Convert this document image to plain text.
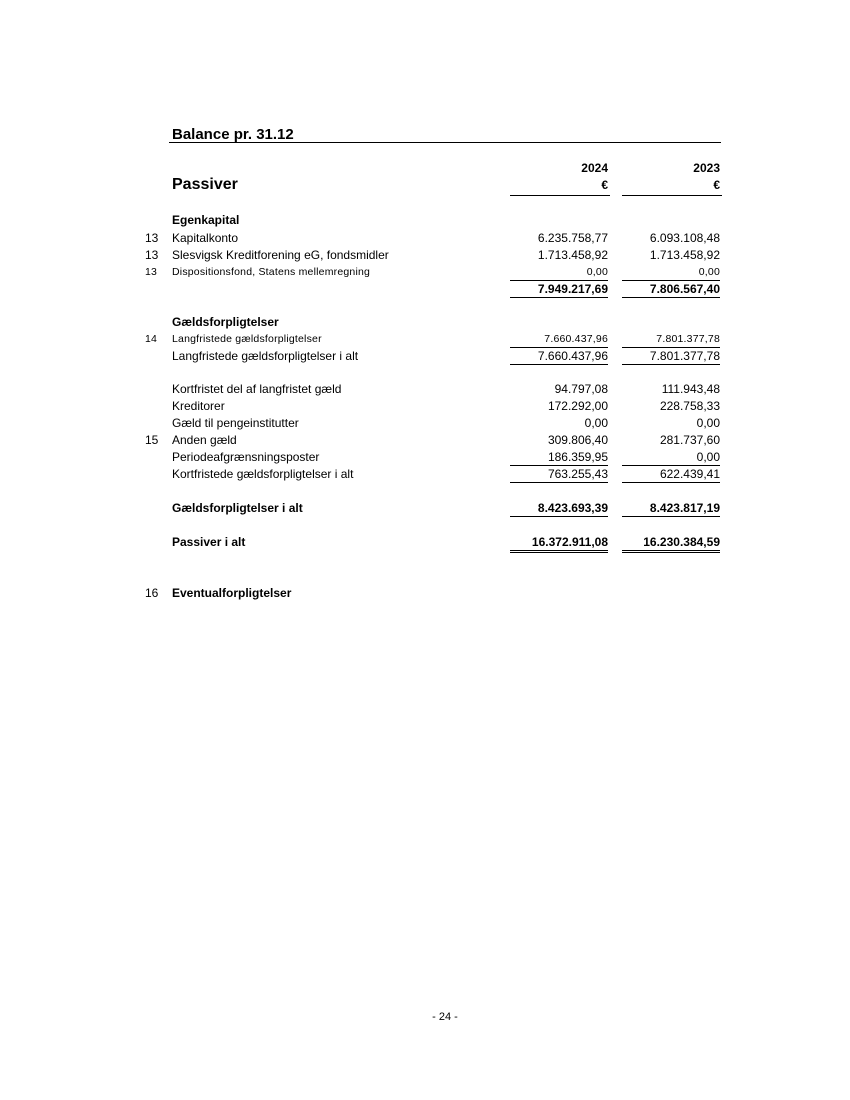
Balance pr. 31.12
2024	2023
Passiver	€	€
Egenkapital
13 Kapitalkonto	6.235.758,77	6.093.108,48
13 Slesvigsk Kreditforening eG, fondsmidler	1.713.458,92	1.713.458,92
13	Dispositionsfond, Statens mellemregning	0,00	0,00
7.949.217,69	7.806.567,40
Gældsforpligtelser
14	Langfristede gældsforpligtelser	7.660.437,96	7.801.377,78
Langfristede gældsforpligtelser i alt	7.660.437,96	7.801.377,78
Kortfristet del af langfristet gæld	94.797,08	111.943,48
Kreditorer	172.292,00	228.758,33
Gæld til pengeinstitutter	0,00	0,00
15 Anden gæld	309.806,40	281.737,60
Periodeafgrænsningsposter	186.359,95	0,00
Kortfristede gældsforpligtelser i alt	763.255,43	622.439,41
Gældsforpligtelser i alt	8.423.693,39	8.423.817,19
Passiver i alt	16.372.911,08	16.230.384,59
16 Eventualforpligtelser
- 24 -
